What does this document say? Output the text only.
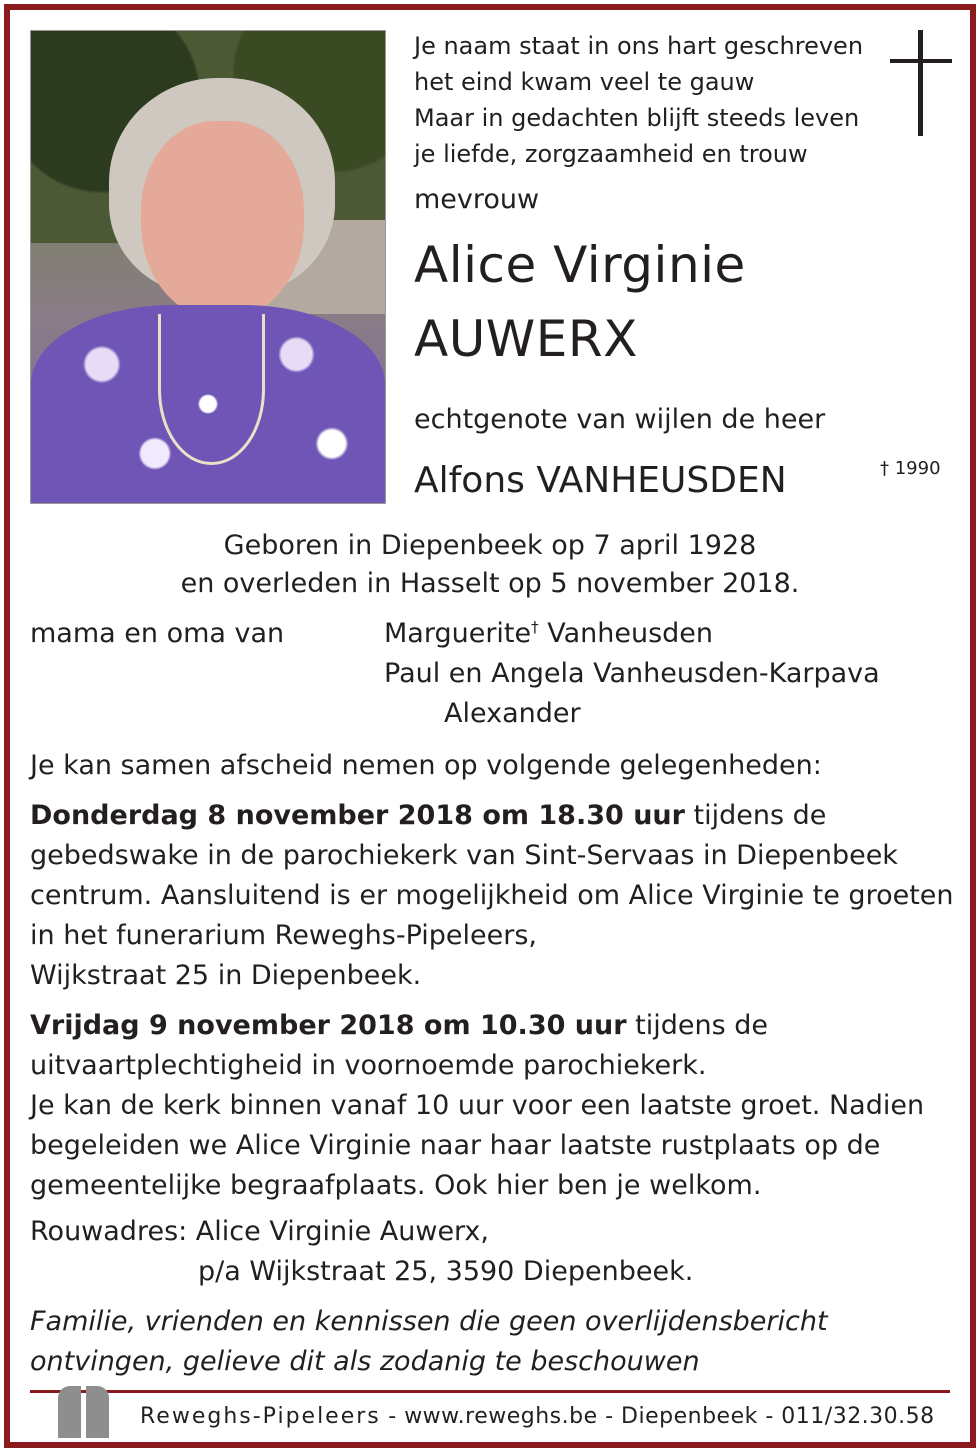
Je naam staat in ons hart geschreven
het eind kwam veel te gauw
Maar in gedachten blijft steeds leven
je liefde, zorgzaamheid en trouw
mevrouw
Alice Virginie
AUWERX
echtgenote van wijlen de heer
Alfons VANHEUSDEN	† 1990
Geboren in Diepenbeek op 7 april 1928
en overleden in Hasselt op 5 november 2018.
mama en oma van	Marguerite† Vanheusden
Paul en Angela Vanheusden-Karpava
Alexander
Je kan samen afscheid nemen op volgende gelegenheden:
Donderdag 8 november 2018 om 18.30 uur tijdens de gebedswake in de parochiekerk van Sint-Servaas in Diepenbeek centrum. Aansluitend is er mogelijkheid om Alice Virginie te groeten in het funerarium Reweghs-Pipeleers,
Wijkstraat 25 in Diepenbeek.
Vrijdag 9 november 2018 om 10.30 uur tijdens de uitvaartplechtigheid in voornoemde parochiekerk.
Je kan de kerk binnen vanaf 10 uur voor een laatste groet. Nadien begeleiden we Alice Virginie naar haar laatste rustplaats op de gemeentelijke begraafplaats. Ook hier ben je welkom.
Rouwadres: Alice Virginie Auwerx,
p/a Wijkstraat 25, 3590 Diepenbeek.
Familie, vrienden en kennissen die geen overlijdensbericht ontvingen, gelieve dit als zodanig te beschouwen
Reweghs-Pipeleers - www.reweghs.be - Diepenbeek - 011/32.30.58
